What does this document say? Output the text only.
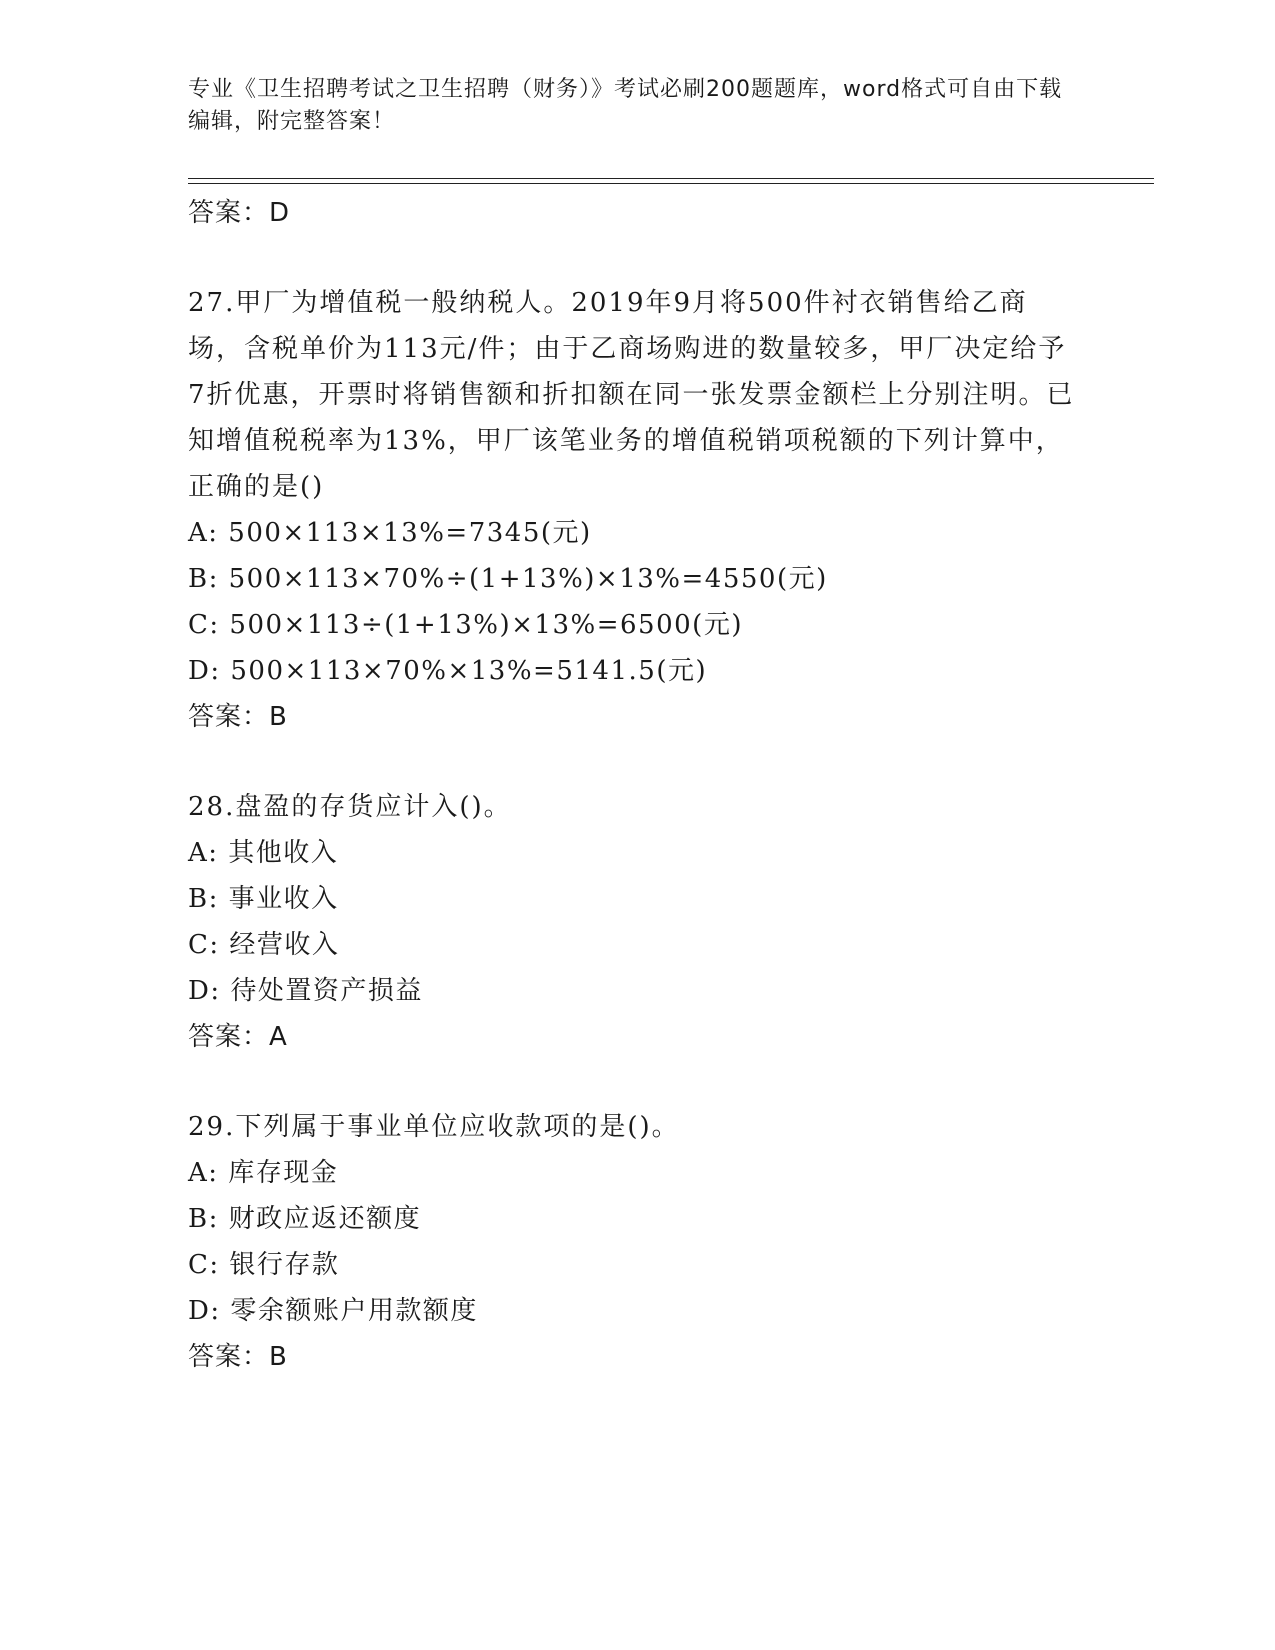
专业《卫生招聘考试之卫生招聘（财务）》考试必刷200题题库，word格式可自由下载编辑，附完整答案！
答案：D
27.甲厂为增值税一般纳税人。2019年9月将500件衬衣销售给乙商场，含税单价为113元/件；由于乙商场购进的数量较多，甲厂决定给予7折优惠，开票时将销售额和折扣额在同一张发票金额栏上分别注明。已知增值税税率为13%，甲厂该笔业务的增值税销项税额的下列计算中，正确的是()
A: 500×113×13%=7345(元)
B: 500×113×70%÷(1+13%)×13%=4550(元)
C: 500×113÷(1+13%)×13%=6500(元)
D: 500×113×70%×13%=5141.5(元)
答案：B
28.盘盈的存货应计入()。
A: 其他收入
B: 事业收入
C: 经营收入
D: 待处置资产损益
答案：A
29.下列属于事业单位应收款项的是()。
A: 库存现金
B: 财政应返还额度
C: 银行存款
D: 零余额账户用款额度
答案：B
